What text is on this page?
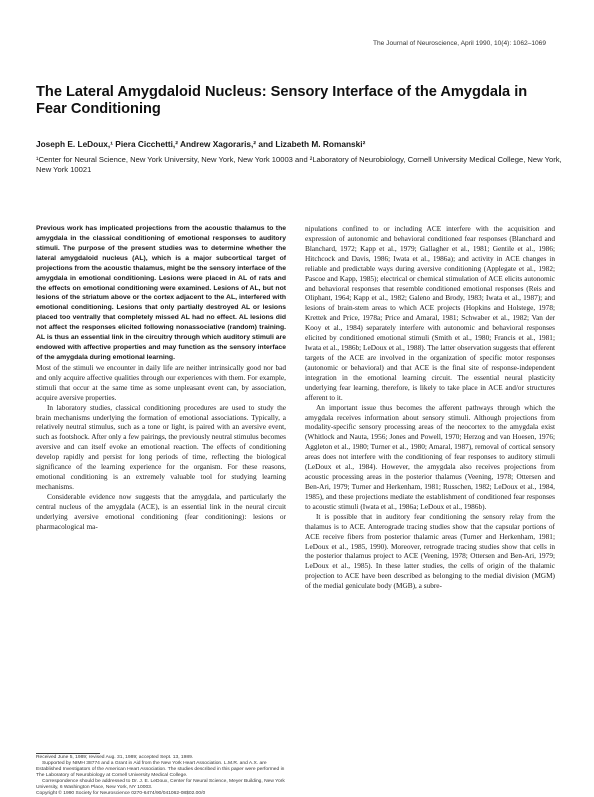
The Journal of Neuroscience, April 1990, 10(4): 1062–1069
The Lateral Amygdaloid Nucleus: Sensory Interface of the Amygdala in Fear Conditioning
Joseph E. LeDoux,¹ Piera Cicchetti,² Andrew Xagoraris,² and Lizabeth M. Romanski²
¹Center for Neural Science, New York University, New York, New York 10003 and ²Laboratory of Neurobiology, Cornell University Medical College, New York, New York 10021

Previous work has implicated projections from the acoustic thalamus to the amygdala in the classical conditioning of emotional responses to auditory stimuli. The purpose of the present studies was to determine whether the lateral amygdaloid nucleus (AL), which is a major subcortical target of projections from the acoustic thalamus, might be the sensory interface of the amygdala in emotional conditioning. Lesions were placed in AL of rats and the effects on emotional conditioning were examined. Lesions of AL, but not lesions of the striatum above or the cortex adjacent to the AL, interfered with emotional conditioning. Lesions that only partially destroyed AL or lesions placed too ventrally that completely missed AL had no effect. AL lesions did not affect the responses elicited following nonassociative (random) training. AL is thus an essential link in the circuitry through which auditory stimuli are endowed with affective properties and may function as the sensory interface of the amygdala during emotional learning.

Most of the stimuli we encounter in daily life are neither intrinsically good nor bad and only acquire affective qualities through our experiences with them. For example, stimuli that occur at the same time as some unpleasant event can, by association, acquire aversive properties.

In laboratory studies, classical conditioning procedures are used to study the brain mechanisms underlying the formation of emotional associations. Typically, a relatively neutral stimulus, such as a tone or light, is paired with an aversive event, such as footshock. After only a few pairings, the previously neutral stimulus becomes aversive and can itself evoke an emotional reaction. The effects of conditioning develop rapidly and persist for long periods of time, reflecting the biological significance of the learning experience for the organism. For these reasons, emotional conditioning is an extremely valuable tool for studying learning mechanisms.

Considerable evidence now suggests that the amygdala, and particularly the central nucleus of the amygdala (ACE), is an essential link in the neural circuit underlying aversive emotional conditioning (fear conditioning): lesions or pharmacological ma-

nipulations confined to or including ACE interfere with the acquisition and expression of autonomic and behavioral conditioned fear responses (Blanchard and Blanchard, 1972; Kapp et al., 1979; Gallagher et al., 1981; Gentile et al., 1986; Hitchcock and Davis, 1986; Iwata et al., 1986a); and activity in ACE changes in reliable and predictable ways during aversive conditioning (Applegate et al., 1982; Pascoe and Kapp, 1985); electrical or chemical stimulation of ACE elicits autonomic and behavioral responses that resemble conditioned emotional responses (Reis and Oliphant, 1964; Kapp et al., 1982; Galeno and Brody, 1983; Iwata et al., 1987); and lesions of brain-stem areas to which ACE projects (Hopkins and Holstege, 1978; Krettek and Price, 1978a; Price and Amaral, 1981; Schwaber et al., 1982; Van der Kooy et al., 1984) separately interfere with autonomic and behavioral responses elicited by conditioned emotional stimuli (Smith et al., 1980; Francis et al., 1981; Iwata et al., 1986b; LeDoux et al., 1988). The latter observation suggests that efferent targets of the ACE are involved in the organization of specific motor responses (autonomic or behavioral) and that ACE is the final site of response-independent integration in the emotional learning circuit. The essential neural plasticity underlying fear learning, therefore, is likely to take place in ACE and/or structures afferent to it.

An important issue thus becomes the afferent pathways through which the amygdala receives information about sensory stimuli. Although projections from modality-specific sensory processing areas of the neocortex to the amygdala exist (Whitlock and Nauta, 1956; Jones and Powell, 1970; Herzog and van Hoesen, 1976; Aggleton et al., 1980; Turner et al., 1980; Amaral, 1987), removal of cortical sensory areas does not interfere with the conditioning of fear responses to auditory stimuli (LeDoux et al., 1984). However, the amygdala also receives projections from acoustic processing areas in the posterior thalamus (Veening, 1978; Ottersen and Ben-Ari, 1979; Turner and Herkenham, 1981; Russchen, 1982; LeDoux et al., 1984, 1985), and these projections mediate the establishment of conditioned fear responses to acoustic stimuli (Iwata et al., 1986a; LeDoux et al., 1986b).

It is possible that in auditory fear conditioning the sensory relay from the thalamus is to ACE. Anterograde tracing studies show that the capsular portions of ACE receive fibers from posterior thalamic areas (Turner and Herkenham, 1981; LeDoux et al., 1985, 1990). Moreover, retrograde tracing studies show that cells in the posterior thalamus project to ACE (Veening, 1978; Ottersen and Ben-Ari, 1979; LeDoux et al., 1985). In these latter studies, the cells of origin of the thalamic projection to ACE have been described as belonging to the medial division (MGM) of the medial geniculate body (MGB), a subre-

Received June 5, 1989; revised Aug. 31, 1989; accepted Sept. 13, 1989.

Supported by NIMH 38774 and a Grant in Aid from the New York Heart Association. L.M.R. and A.X. are Established Investigators of the American Heart Association. The studies described in this paper were performed in The Laboratory of Neurobiology at Cornell University Medical College.

Correspondence should be addressed to Dr. J. E. LeDoux, Center for Neural Science, Meyer Building, New York University, 6 Washington Place, New York, NY 10003.

Copyright © 1990 Society for Neuroscience 0270-6474/90/041062-08$02.00/0
